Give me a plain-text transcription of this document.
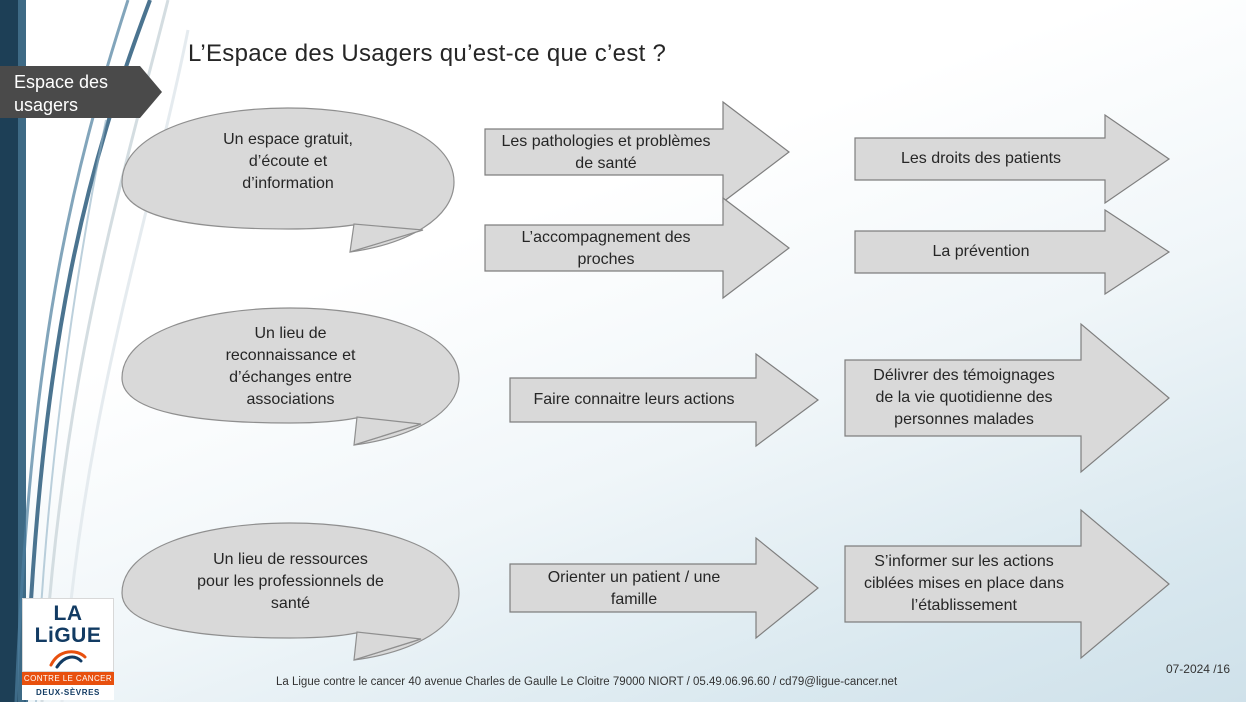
Espace des
usagers
L’Espace des Usagers qu’est-ce que c’est ?
Un espace gratuit,
d’écoute et
d’information
Un lieu de
reconnaissance et
d’échanges entre
associations
Un lieu de ressources
pour les professionnels de
santé
Les pathologies et problèmes
de santé	Les droits des patients
L’accompagnement des
proches	La prévention
Faire connaitre leurs actions
Délivrer des témoignages
de la vie quotidienne des
personnes malades
Orienter un patient / une
famille
S’informer sur les actions
ciblées mises en place dans
l’établissement
LA LiGUE
CONTRE LE CANCER
DEUX-SÈVRES
La Ligue contre le cancer 40 avenue Charles de Gaulle Le Cloitre 79000 NIORT / 05.49.06.96.60 / cd79@ligue-cancer.net
07-2024 /16
